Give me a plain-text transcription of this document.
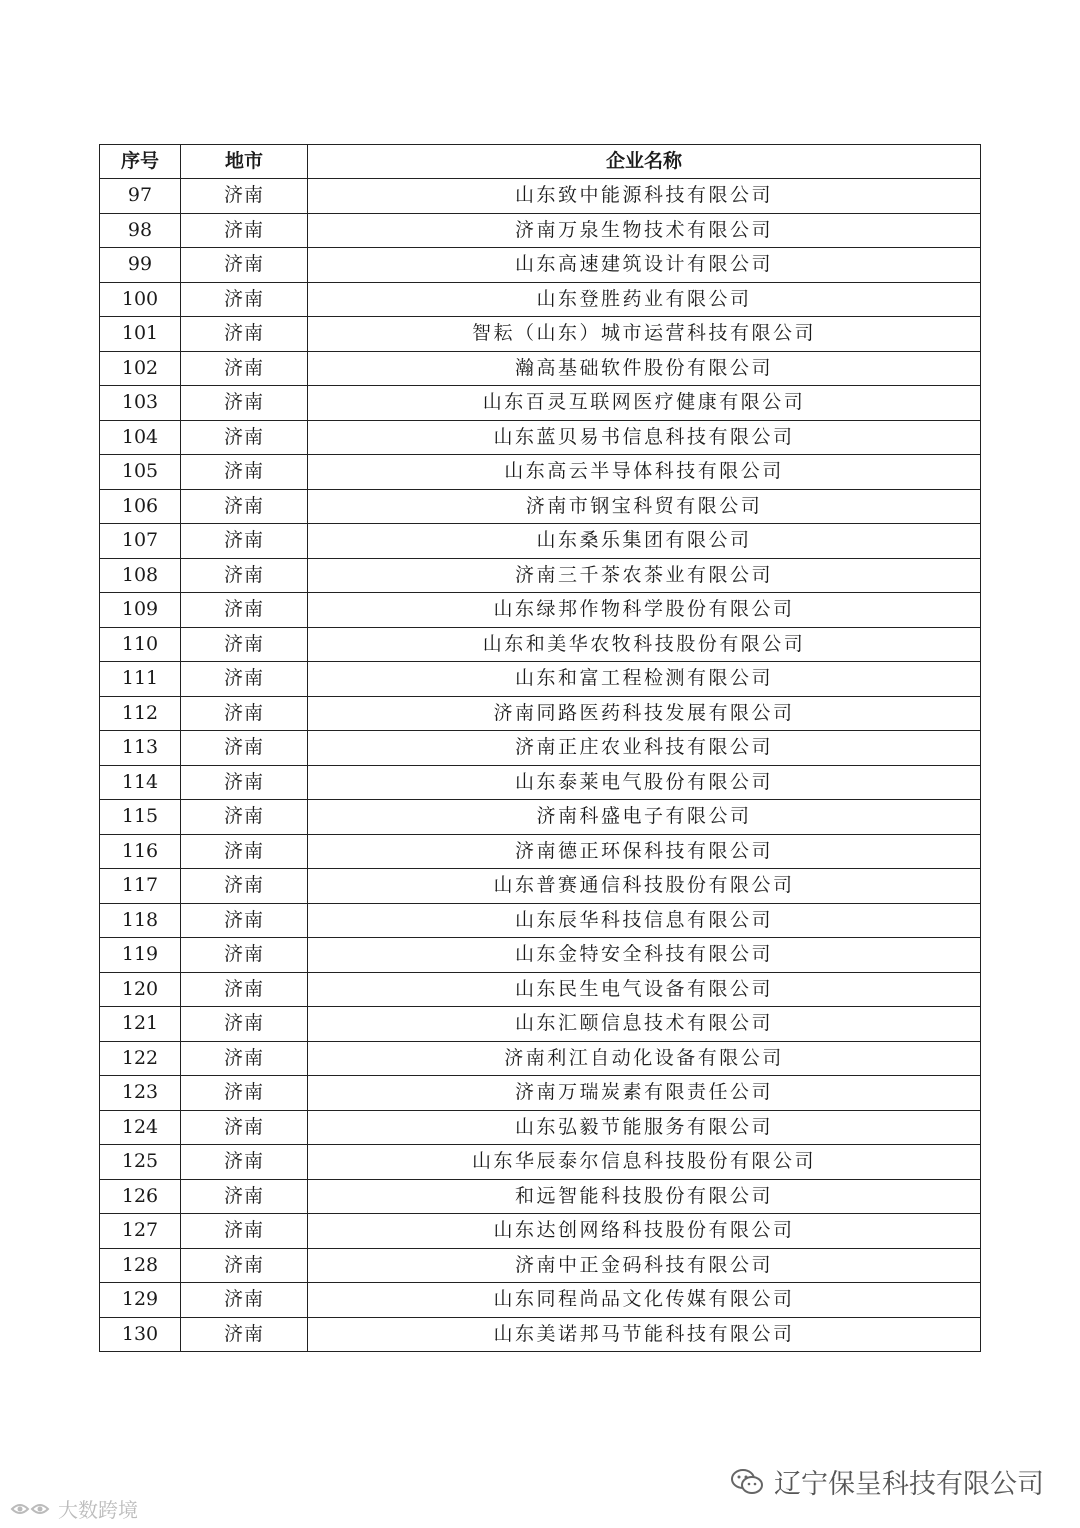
序号	地市	企业名称
97	济南	山东致中能源科技有限公司
98	济南	济南万泉生物技术有限公司
99	济南	山东高速建筑设计有限公司
100	济南	山东登胜药业有限公司
101	济南	智耘（山东）城市运营科技有限公司
102	济南	瀚高基础软件股份有限公司
103	济南	山东百灵互联网医疗健康有限公司
104	济南	山东蓝贝易书信息科技有限公司
105	济南	山东高云半导体科技有限公司
106	济南	济南市钢宝科贸有限公司
107	济南	山东桑乐集团有限公司
108	济南	济南三千茶农茶业有限公司
109	济南	山东绿邦作物科学股份有限公司
110	济南	山东和美华农牧科技股份有限公司
111	济南	山东和富工程检测有限公司
112	济南	济南同路医药科技发展有限公司
113	济南	济南正庄农业科技有限公司
114	济南	山东泰莱电气股份有限公司
115	济南	济南科盛电子有限公司
116	济南	济南德正环保科技有限公司
117	济南	山东普赛通信科技股份有限公司
118	济南	山东辰华科技信息有限公司
119	济南	山东金特安全科技有限公司
120	济南	山东民生电气设备有限公司
121	济南	山东汇颐信息技术有限公司
122	济南	济南利江自动化设备有限公司
123	济南	济南万瑞炭素有限责任公司
124	济南	山东弘毅节能服务有限公司
125	济南	山东华辰泰尔信息科技股份有限公司
126	济南	和远智能科技股份有限公司
127	济南	山东达创网络科技股份有限公司
128	济南	济南中正金码科技有限公司
129	济南	山东同程尚品文化传媒有限公司
130	济南	山东美诺邦马节能科技有限公司
大数跨境
辽宁保呈科技有限公司
